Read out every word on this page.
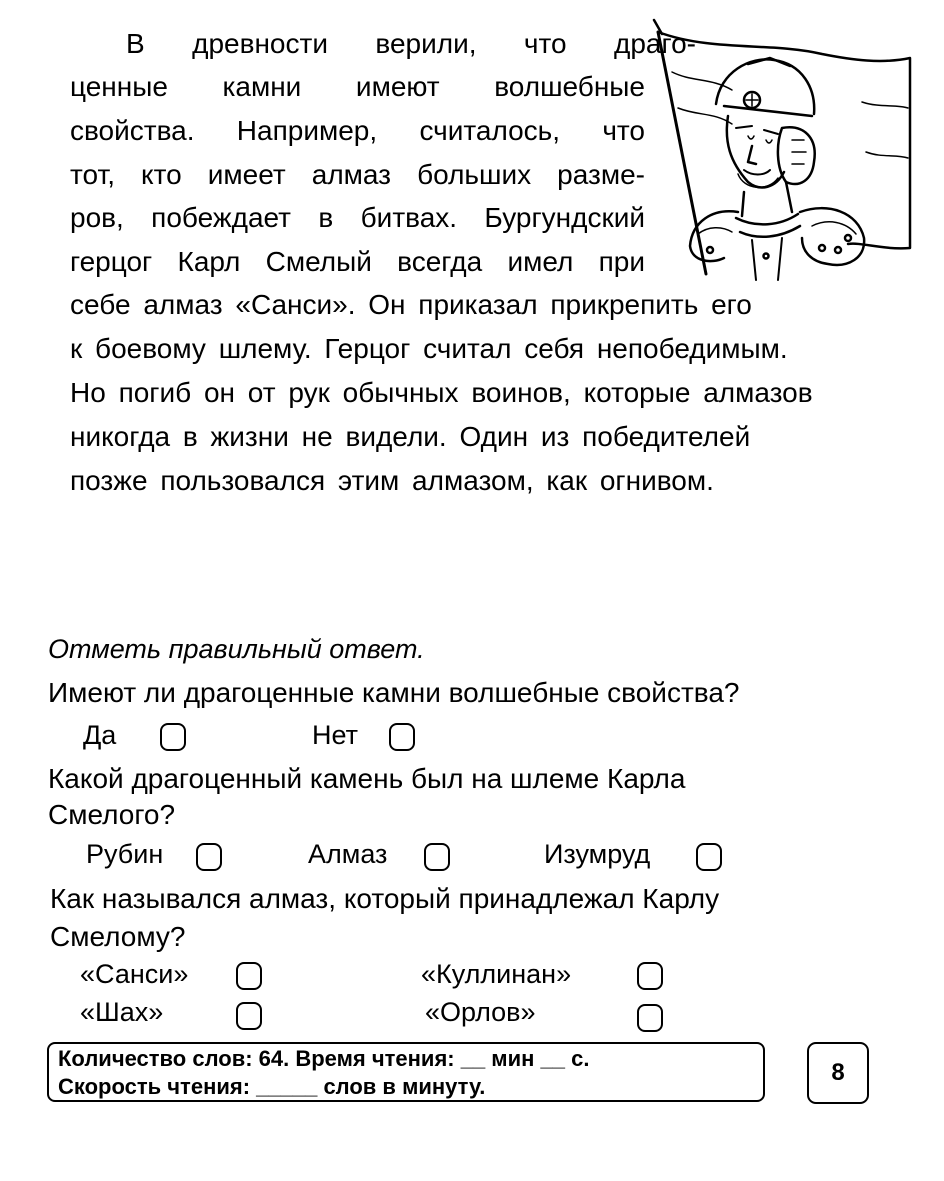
В древности верили, что драго-
ценные камни имеют волшебные
свойства. Например, считалось, что
тот, кто имеет алмаз больших разме-
ров, побеждает в битвах. Бургундский
герцог Карл Смелый всегда имел при
себе алмаз «Санси». Он приказал прикрепить его
к боевому шлему. Герцог считал себя непобедимым.
Но погиб он от рук обычных воинов, которые алмазов
никогда в жизни не видели. Один из победителей
позже пользовался этим алмазом, как огнивом.
Отметь правильный ответ.
Имеют ли драгоценные камни волшебные свойства?
Да	Нет
Какой драгоценный камень был на шлеме Карла
Смелого?
Рубин	Алмаз	Изумруд
Как назывался алмаз, который принадлежал Карлу
Смелому?
«Санси»	«Куллинан»
«Шах»	«Орлов»
Количество слов: 64. Время чтения: __ мин __ с.
Скорость чтения: _____ слов в минуту.
8
